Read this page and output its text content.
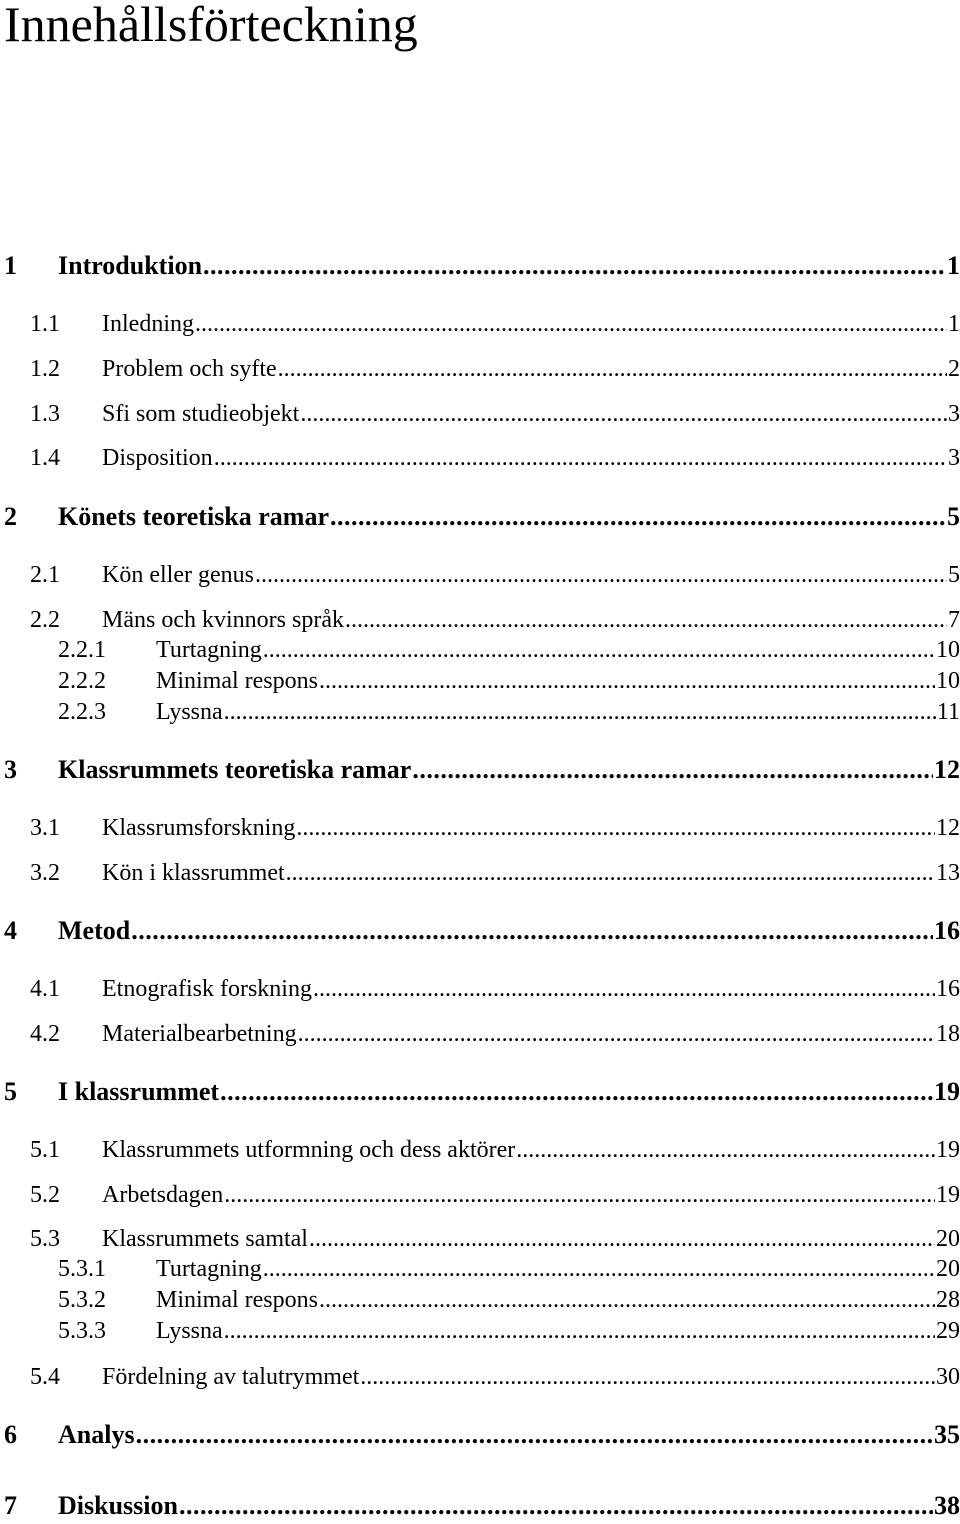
Innehållsförteckning
1 Introduktion . . .	1
1.1 Inledning . . .	1
1.2 Problem och syfte . . .	2
1.3 Sfi som studieobjekt . . .	3
1.4 Disposition . . .	3
2 Könets teoretiska ramar . . .	5
2.1 Kön eller genus . . .	5
2.2 Mäns och kvinnors språk . . .	7
2.2.1 Turtagning . . .	10
2.2.2 Minimal respons . . .	10
2.2.3 Lyssna . . .	11
3 Klassrummets teoretiska ramar . . .	12
3.1 Klassrumsforskning . . .	12
3.2 Kön i klassrummet . . .	13
4 Metod . . .	16
4.1 Etnografisk forskning . . .	16
4.2 Materialbearbetning . . .	18
5 I klassrummet . . .	19
5.1 Klassrummets utformning och dess aktörer . . .	19
5.2 Arbetsdagen . . .	19
5.3 Klassrummets samtal . . .	20
5.3.1 Turtagning . . .	20
5.3.2 Minimal respons . . .	28
5.3.3 Lyssna . . .	29
5.4 Fördelning av talutrymmet . . .	30
6 Analys . . .	35
7 Diskussion . . .	38
